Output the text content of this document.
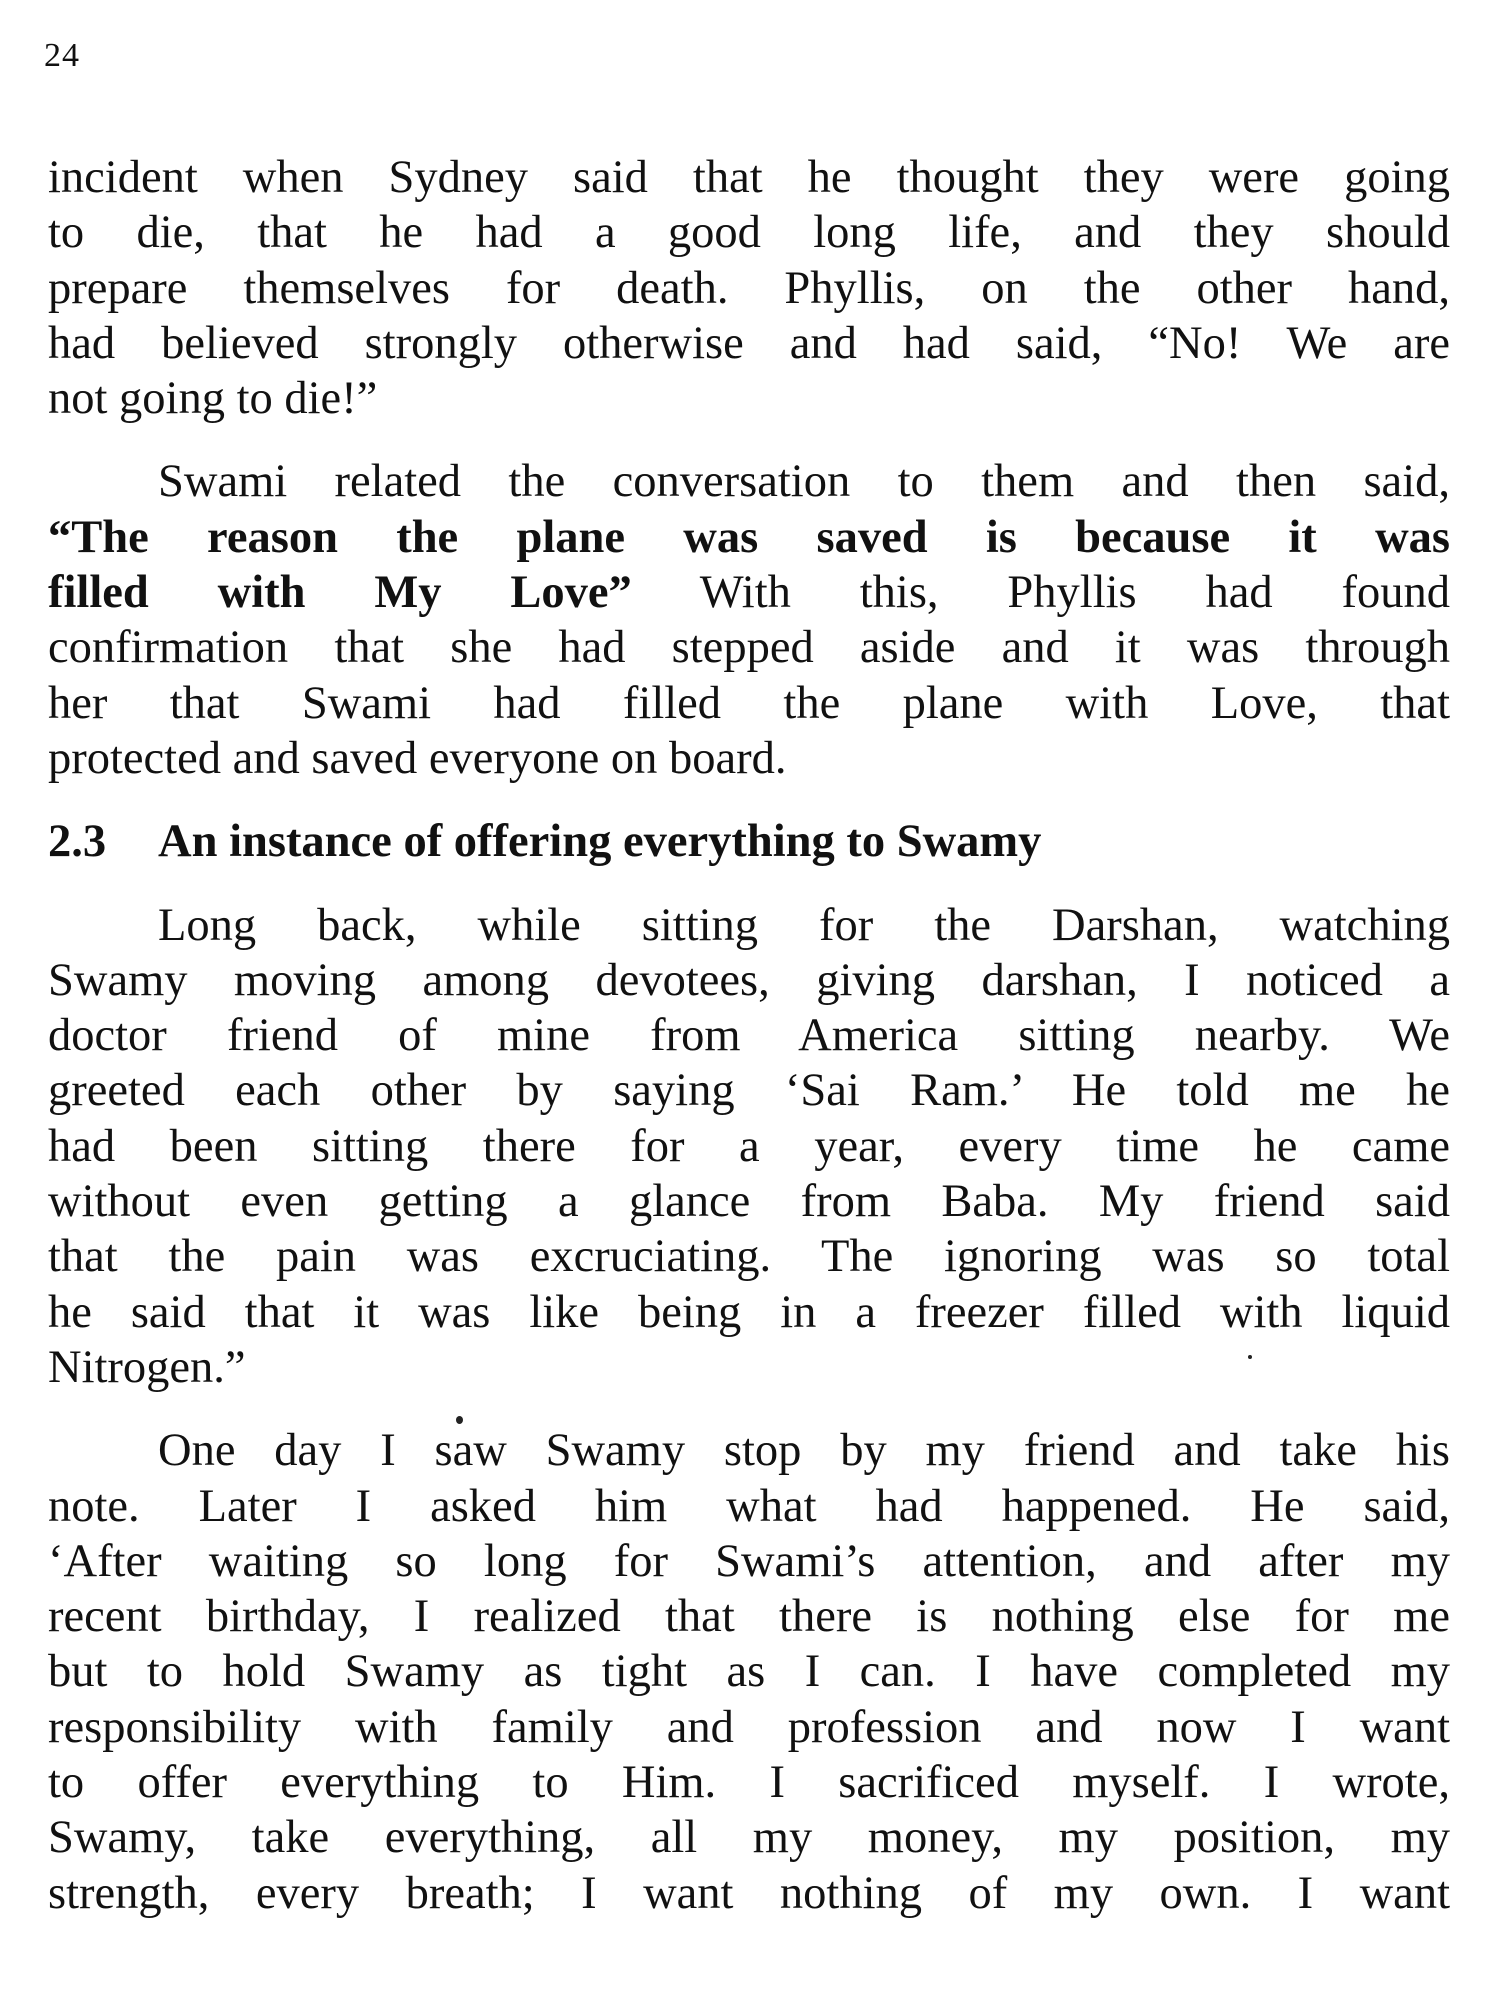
24
incident when Sydney said that he thought they were going
to die, that he had a good long life, and they should
prepare themselves for death. Phyllis, on the other hand,
had believed strongly otherwise and had said, “No! We are
not going to die!”
Swami related the conversation to them and then said,
“The reason the plane was saved is because it was
filled with My Love” With this, Phyllis had found
confirmation that she had stepped aside and it was through
her that Swami had filled the plane with Love, that
protected and saved everyone on board.
2.3 An instance of offering everything to Swamy
Long back, while sitting for the Darshan, watching
Swamy moving among devotees, giving darshan, I noticed a
doctor friend of mine from America sitting nearby. We
greeted each other by saying ‘Sai Ram.’ He told me he
had been sitting there for a year, every time he came
without even getting a glance from Baba. My friend said
that the pain was excruciating. The ignoring was so total
he said that it was like being in a freezer filled with liquid
Nitrogen.”
One day I saw Swamy stop by my friend and take his
note. Later I asked him what had happened. He said,
‘After waiting so long for Swami’s attention, and after my
recent birthday, I realized that there is nothing else for me
but to hold Swamy as tight as I can. I have completed my
responsibility with family and profession and now I want
to offer everything to Him. I sacrificed myself. I wrote,
Swamy, take everything, all my money, my position, my
strength, every breath; I want nothing of my own. I want
